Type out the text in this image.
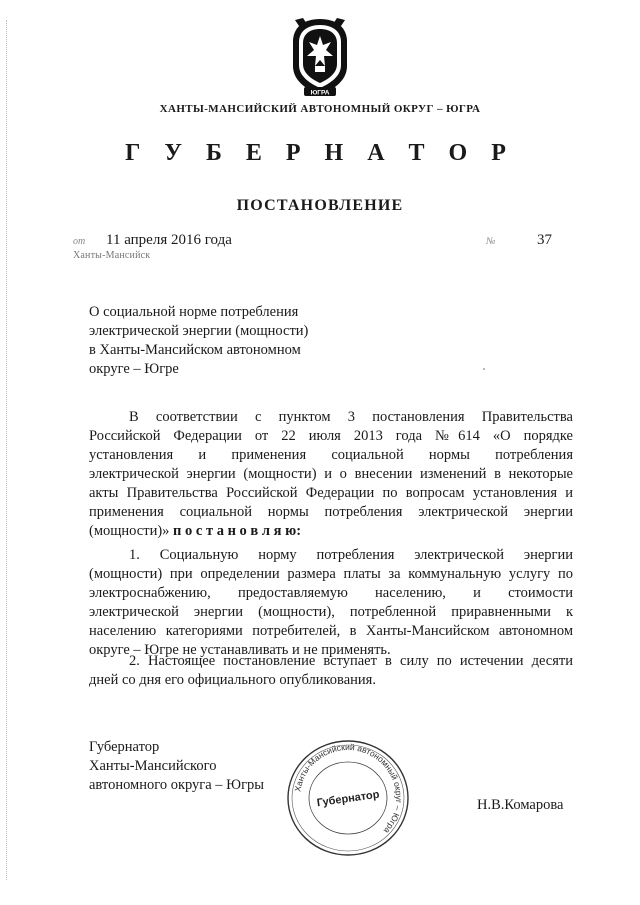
ЮГРА
ХАНТЫ-МАНСИЙСКИЙ АВТОНОМНЫЙ ОКРУГ – ЮГРА
Г У Б Е Р Н А Т О Р
ПОСТАНОВЛЕНИЕ
от 11 апреля 2016 года	№	37
Ханты-Мансийск
О социальной норме потребления
электрической энергии (мощности)
в Ханты-Мансийском автономном
округе – Югре
В соответствии с пунктом 3 постановления Правительства
Российской Федерации от 22 июля 2013 года №614 «О порядке
установления и применения социальной нормы потребления
электрической энергии (мощности) и о внесении изменений в некоторые
акты Правительства Российской Федерации по вопросам установления и
применения социальной нормы потребления электрической энергии
(мощности)» п о с т а н о в л я ю:
1. Социальную норму потребления электрической энергии
(мощности) при определении размера платы за коммунальную услугу по
электроснабжению, предоставляемую населению, и стоимости
электрической энергии (мощности), потребленной приравненными к
населению категориями потребителей, в Ханты-Мансийском автономном
округе – Югре не устанавливать и не применять.
2. Настоящее постановление вступает в силу по истечении десяти
дней со дня его официального опубликования.
Губернатор
Ханты-Мансийского
автономного округа – Югры	Ханты-Мансийский автономный округ – Югра
Губернатор	Н.В.Комарова
